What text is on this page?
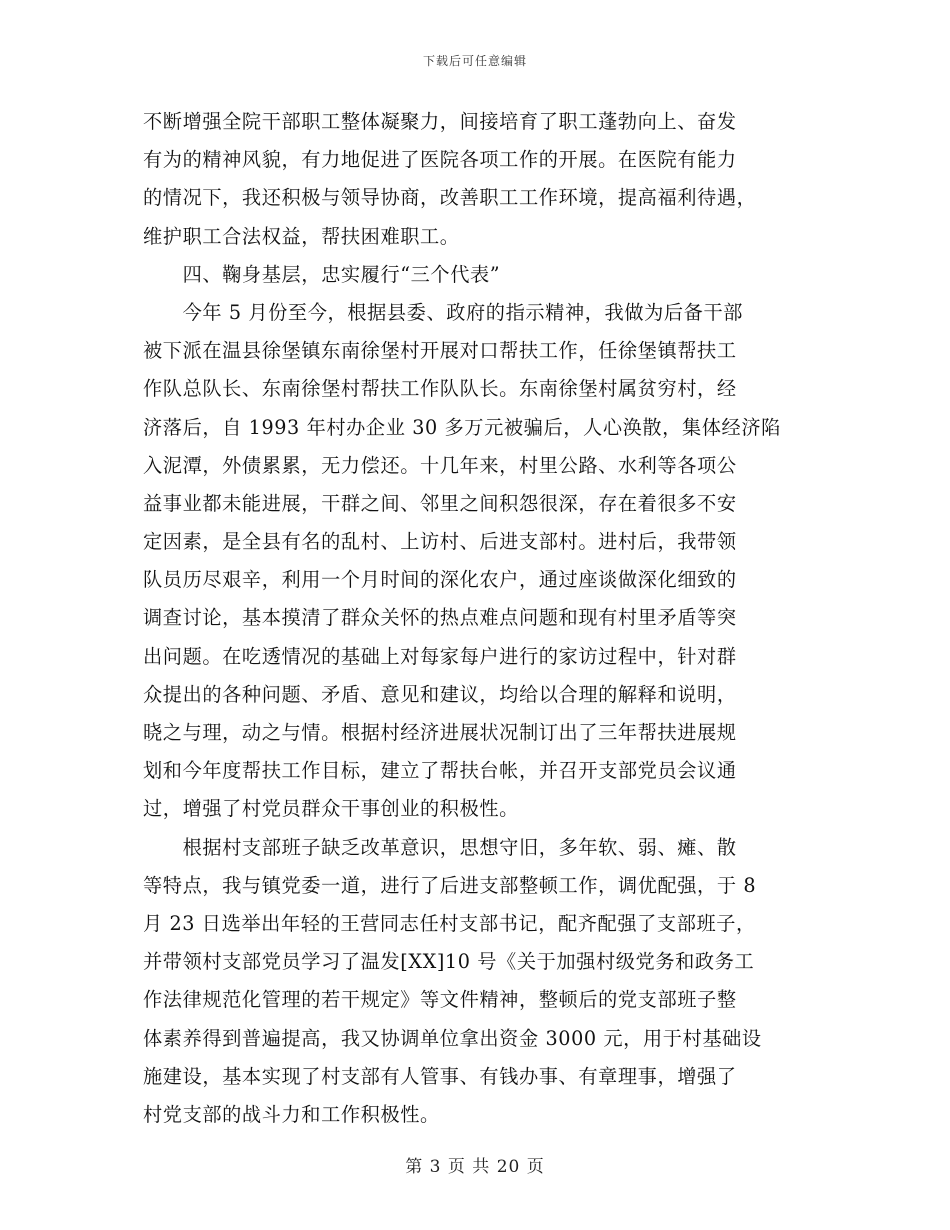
下载后可任意编辑
不断增强全院干部职工整体凝聚力，间接培育了职工蓬勃向上、奋发
有为的精神风貌，有力地促进了医院各项工作的开展。在医院有能力
的情况下，我还积极与领导协商，改善职工工作环境，提高福利待遇，
维护职工合法权益，帮扶困难职工。
　　四、鞠身基层，忠实履行“三个代表”
　　今年 5 月份至今，根据县委、政府的指示精神，我做为后备干部
被下派在温县徐堡镇东南徐堡村开展对口帮扶工作，任徐堡镇帮扶工
作队总队长、东南徐堡村帮扶工作队队长。东南徐堡村属贫穷村，经
济落后，自 1993 年村办企业 30 多万元被骗后，人心涣散，集体经济陷
入泥潭，外债累累，无力偿还。十几年来，村里公路、水利等各项公
益事业都未能进展，干群之间、邻里之间积怨很深，存在着很多不安
定因素，是全县有名的乱村、上访村、后进支部村。进村后，我带领
队员历尽艰辛，利用一个月时间的深化农户，通过座谈做深化细致的
调查讨论，基本摸清了群众关怀的热点难点问题和现有村里矛盾等突
出问题。在吃透情况的基础上对每家每户进行的家访过程中，针对群
众提出的各种问题、矛盾、意见和建议，均给以合理的解释和说明，
晓之与理，动之与情。根据村经济进展状况制订出了三年帮扶进展规
划和今年度帮扶工作目标，建立了帮扶台帐，并召开支部党员会议通
过，增强了村党员群众干事创业的积极性。
　　根据村支部班子缺乏改革意识，思想守旧，多年软、弱、瘫、散
等特点，我与镇党委一道，进行了后进支部整顿工作，调优配强，于 8
月 23 日选举出年轻的王营同志任村支部书记，配齐配强了支部班子，
并带领村支部党员学习了温发[XX]10 号《关于加强村级党务和政务工
作法律规范化管理的若干规定》等文件精神，整顿后的党支部班子整
体素养得到普遍提高，我又协调单位拿出资金 3000 元，用于村基础设
施建设，基本实现了村支部有人管事、有钱办事、有章理事，增强了
村党支部的战斗力和工作积极性。
第 3 页 共 20 页
